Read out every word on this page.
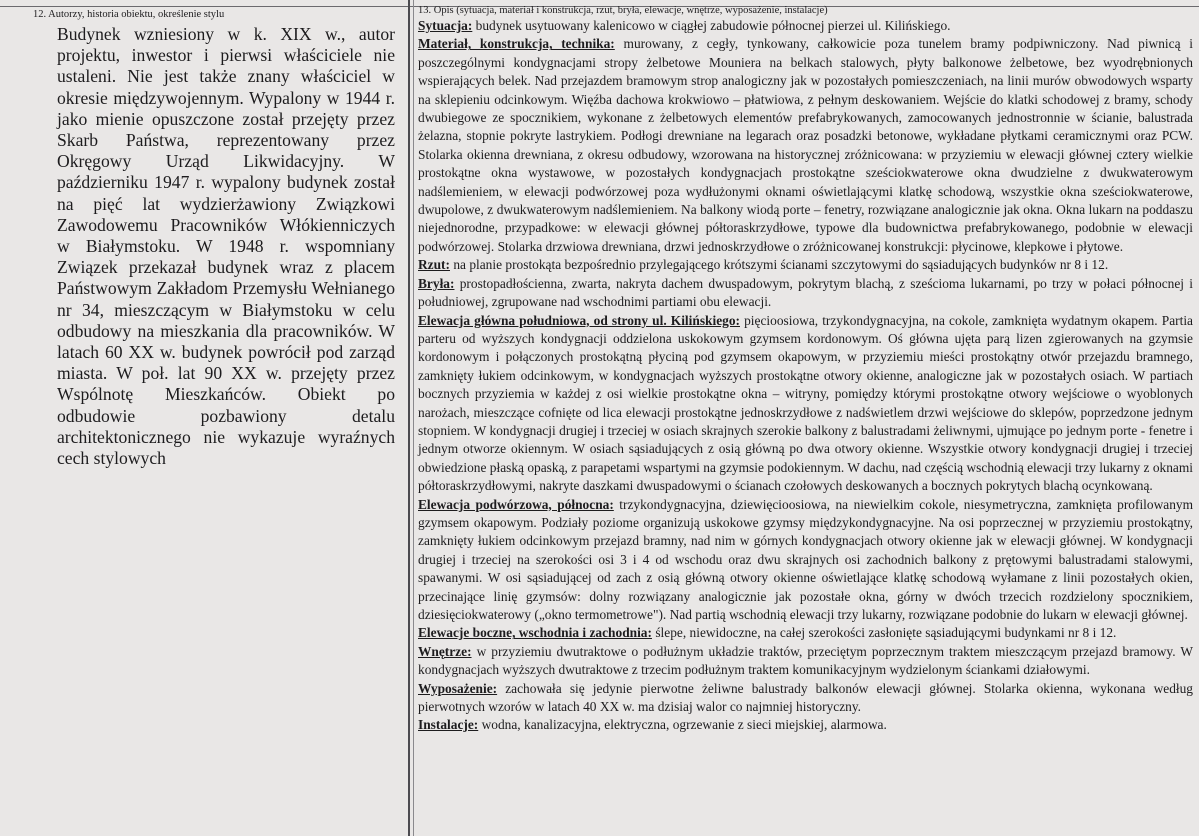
12. Autorzy, historia obiektu, określenie stylu
Budynek wzniesiony w k. XIX w., autor projektu, inwestor i pierwsi właściciele nie ustaleni. Nie jest także znany właściciel w okresie międzywojennym. Wypalony w 1944 r. jako mienie opuszczone został przejęty przez Skarb Państwa, reprezentowany przez Okręgowy Urząd Likwidacyjny. W październiku 1947 r. wypalony budynek został na pięć lat wydzierżawiony Związkowi Zawodowemu Pracowników Włókienniczych w Białymstoku. W 1948 r. wspomniany Związek przekazał budynek wraz z placem Państwowym Zakładom Przemysłu Wełnianego nr 34, mieszczącym w Białymstoku w celu odbudowy na mieszkania dla pracowników. W latach 60 XX w. budynek powrócił pod zarząd miasta. W poł. lat 90 XX w. przejęty przez Wspólnotę Mieszkańców. Obiekt po odbudowie pozbawiony detalu architektonicznego nie wykazuje wyraźnych cech stylowych
13. Opis (sytuacja, materiał i konstrukcja, rzut, bryła, elewacje, wnętrze, wyposażenie, instalacje)
Sytuacja: budynek usytuowany kalenicowo w ciągłej zabudowie północnej pierzei ul. Kilińskiego.
Materiał, konstrukcja, technika: murowany, z cegły, tynkowany, całkowicie poza tunelem bramy podpiwniczony. Nad piwnicą i poszczególnymi kondygnacjami stropy żelbetowe Mouniera na belkach stalowych, płyty balkonowe żelbetowe, bez wyodrębnionych wspierających belek. Nad przejazdem bramowym strop analogiczny jak w pozostałych pomieszczeniach, na linii murów obwodowych wsparty na sklepieniu odcinkowym. Więźba dachowa krokwiowo – płatwiowa, z pełnym deskowaniem. Wejście do klatki schodowej z bramy, schody dwubiegowe ze spocznikiem, wykonane z żelbetowych elementów prefabrykowanych, zamocowanych jednostronnie w ścianie, balustrada żelazna, stopnie pokryte lastrykiem. Podłogi drewniane na legarach oraz posadzki betonowe, wykładane płytkami ceramicznymi oraz PCW. Stolarka okienna drewniana, z okresu odbudowy, wzorowana na historycznej zróżnicowana: w przyziemiu w elewacji głównej cztery wielkie prostokątne okna wystawowe, w pozostałych kondygnacjach prostokątne sześciokwaterowe okna dwudzielne z dwukwaterowym nadślemieniem, w elewacji podwórzowej poza wydłużonymi oknami oświetlającymi klatkę schodową, wszystkie okna sześciokwaterowe, dwupolowe, z dwukwaterowym nadślemieniem. Na balkony wiodą porte – fenetry, rozwiązane analogicznie jak okna. Okna lukarn na poddaszu niejednorodne, przypadkowe: w elewacji głównej półtoraskrzydłowe, typowe dla budownictwa prefabrykowanego, podobnie w elewacji podwórzowej. Stolarka drzwiowa drewniana, drzwi jednoskrzydłowe o zróżnicowanej konstrukcji: płycinowe, klepkowe i płytowe.
Rzut: na planie prostokąta bezpośrednio przylegającego krótszymi ścianami szczytowymi do sąsiadujących budynków nr 8 i 12.
Bryła: prostopadłościenna, zwarta, nakryta dachem dwuspadowym, pokrytym blachą, z sześcioma lukarnami, po trzy w połaci północnej i południowej, zgrupowane nad wschodnimi partiami obu elewacji.
Elewacja główna południowa, od strony ul. Kilińskiego: pięcioosiowa, trzykondygnacyjna, na cokole, zamknięta wydatnym okapem. Partia parteru od wyższych kondygnacji oddzielona uskokowym gzymsem kordonowym. Oś główna ujęta parą lizen zgierowanych na gzymsie kordonowym i połączonych prostokątną płyciną pod gzymsem okapowym, w przyziemiu mieści prostokątny otwór przejazdu bramnego, zamknięty łukiem odcinkowym, w kondygnacjach wyższych prostokątne otwory okienne, analogiczne jak w pozostałych osiach. W partiach bocznych przyziemia w każdej z osi wielkie prostokątne okna – witryny, pomiędzy którymi prostokątne otwory wejściowe o wyoblonych narożach, mieszczące cofnięte od lica elewacji prostokątne jednoskrzydłowe z nadświetlem drzwi wejściowe do sklepów, poprzedzone jednym stopniem. W kondygnacji drugiej i trzeciej w osiach skrajnych szerokie balkony z balustradami żeliwnymi, ujmujące po jednym porte - fenetre i jednym otworze okiennym. W osiach sąsiadujących z osią główną po dwa otwory okienne. Wszystkie otwory kondygnacji drugiej i trzeciej obwiedzione płaską opaską, z parapetami wspartymi na gzymsie podokiennym. W dachu, nad częścią wschodnią elewacji trzy lukarny z oknami półtoraskrzydłowymi, nakryte daszkami dwuspadowymi o ścianach czołowych deskowanych a bocznych pokrytych blachą ocynkowaną.
Elewacja podwórzowa, północna: trzykondygnacyjna, dziewięcioosiowa, na niewielkim cokole, niesymetryczna, zamknięta profilowanym gzymsem okapowym. Podziały poziome organizują uskokowe gzymsy międzykondygnacyjne. Na osi poprzecznej w przyziemiu prostokątny, zamknięty łukiem odcinkowym przejazd bramny, nad nim w górnych kondygnacjach otwory okienne jak w elewacji głównej. W kondygnacji drugiej i trzeciej na szerokości osi 3 i 4 od wschodu oraz dwu skrajnych osi zachodnich balkony z prętowymi balustradami stalowymi, spawanymi. W osi sąsiadującej od zach z osią główną otwory okienne oświetlające klatkę schodową wyłamane z linii pozostałych okien, przecinające linię gzymsów: dolny rozwiązany analogicznie jak pozostałe okna, górny w dwóch trzecich rozdzielony spocznikiem, dziesięciokwaterowy („okno termometrowe"). Nad partią wschodnią elewacji trzy lukarny, rozwiązane podobnie do lukarn w elewacji głównej.
Elewacje boczne, wschodnia i zachodnia: ślepe, niewidoczne, na całej szerokości zasłonięte sąsiadującymi budynkami nr 8 i 12.
Wnętrze: w przyziemiu dwutraktowe o podłużnym układzie traktów, przeciętym poprzecznym traktem mieszczącym przejazd bramowy. W kondygnacjach wyższych dwutraktowe z trzecim podłużnym traktem komunikacyjnym wydzielonym ściankami działowymi.
Wyposażenie: zachowała się jedynie pierwotne żeliwne balustrady balkonów elewacji głównej. Stolarka okienna, wykonana według pierwotnych wzorów w latach 40 XX w. ma dzisiaj walor co najmniej historyczny.
Instalacje: wodna, kanalizacyjna, elektryczna, ogrzewanie z sieci miejskiej, alarmowa.
